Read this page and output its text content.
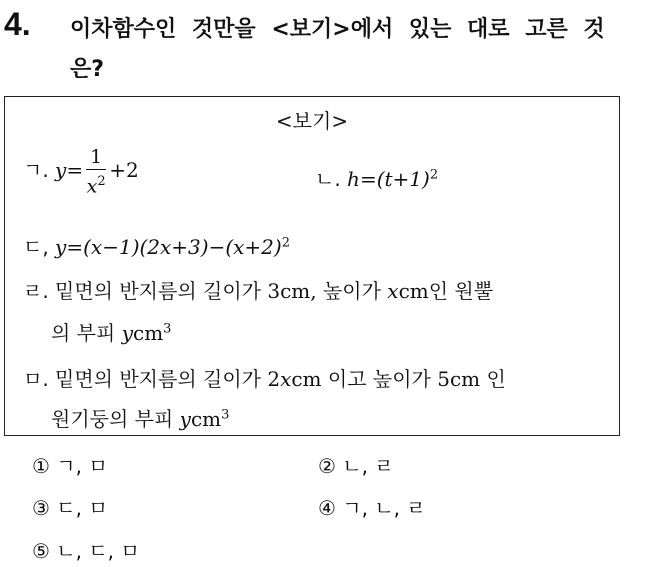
4. 이차함수인 것만을 <보기>에서 있는 대로 고른 것은?
<보기>
ㄱ. $y= \frac{1}{x^2} +2$	ㄴ. $h=(t+1)^2$
ㄷ, $y=(x-1)(2x+3)-(x+2)^2$
ㄹ. 밑면의 반지름의 길이가 3cm, 높이가 xcm인 원뿔
의 부피 ycm$^3$
ㅁ. 밑면의 반지름의 길이가 2xcm 이고 높이가 5cm 인
원기둥의 부피 ycm$^3$
① ㄱ, ㅁ	② ㄴ, ㄹ
③ ㄷ, ㅁ	④ ㄱ, ㄴ, ㄹ
⑤ ㄴ, ㄷ, ㅁ
